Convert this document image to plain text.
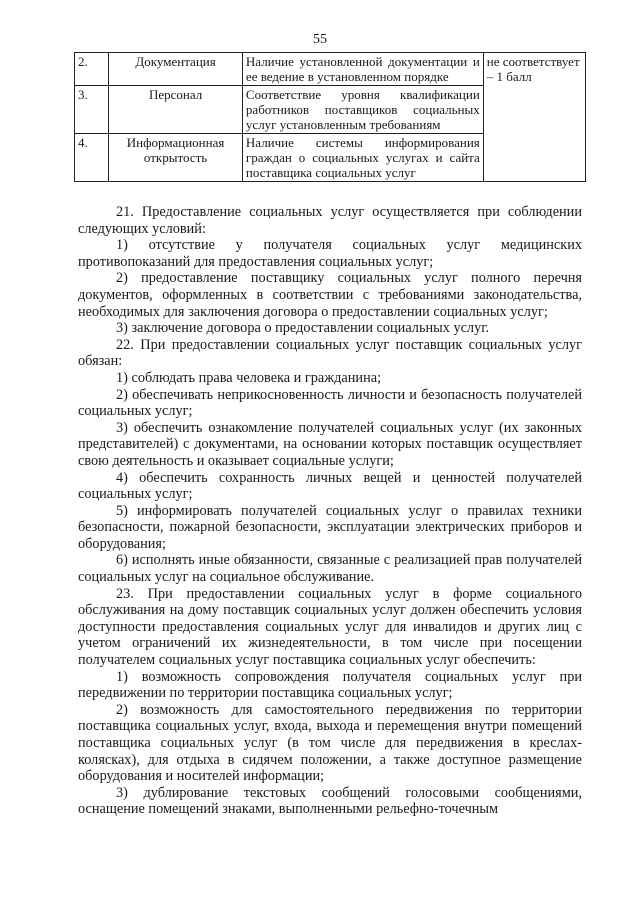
55
2.	Документация	Наличие установленной документации и ее ведение в установленном порядке	не соответствует – 1 балл
3.	Персонал	Соответствие уровня квалификации работников поставщиков социальных услуг установленным требованиям	
4.	Информационная открытость	Наличие системы информирования граждан о социальных услугах и сайта поставщика социальных услуг	

21. Предоставление социальных услуг осуществляется при соблюдении следующих условий:

1) отсутствие у получателя социальных услуг медицинских противопоказаний для предоставления социальных услуг;

2) предоставление поставщику социальных услуг полного перечня документов, оформленных в соответствии с требованиями законодательства, необходимых для заключения договора о предоставлении социальных услуг;

3) заключение договора о предоставлении социальных услуг.

22. При предоставлении социальных услуг поставщик социальных услуг обязан:

1) соблюдать права человека и гражданина;

2) обеспечивать неприкосновенность личности и безопасность получателей социальных услуг;

3) обеспечить ознакомление получателей социальных услуг (их законных представителей) с документами, на основании которых поставщик осуществляет свою деятельность и оказывает социальные услуги;

4) обеспечить сохранность личных вещей и ценностей получателей социальных услуг;

5) информировать получателей социальных услуг о правилах техники безопасности, пожарной безопасности, эксплуатации электрических приборов и оборудования;

6) исполнять иные обязанности, связанные с реализацией прав получателей социальных услуг на социальное обслуживание.

23. При предоставлении социальных услуг в форме социального обслуживания на дому поставщик социальных услуг должен обеспечить условия доступности предоставления социальных услуг для инвалидов и других лиц с учетом ограничений их жизнедеятельности, в том числе при посещении получателем социальных услуг поставщика социальных услуг обеспечить:

1) возможность сопровождения получателя социальных услуг при передвижении по территории поставщика социальных услуг;

2) возможность для самостоятельного передвижения по территории поставщика социальных услуг, входа, выхода и перемещения внутри помещений поставщика социальных услуг (в том числе для передвижения в креслах-колясках), для отдыха в сидячем положении, а также доступное размещение оборудования и носителей информации;

3) дублирование текстовых сообщений голосовыми сообщениями, оснащение помещений знаками, выполненными рельефно-точечным
